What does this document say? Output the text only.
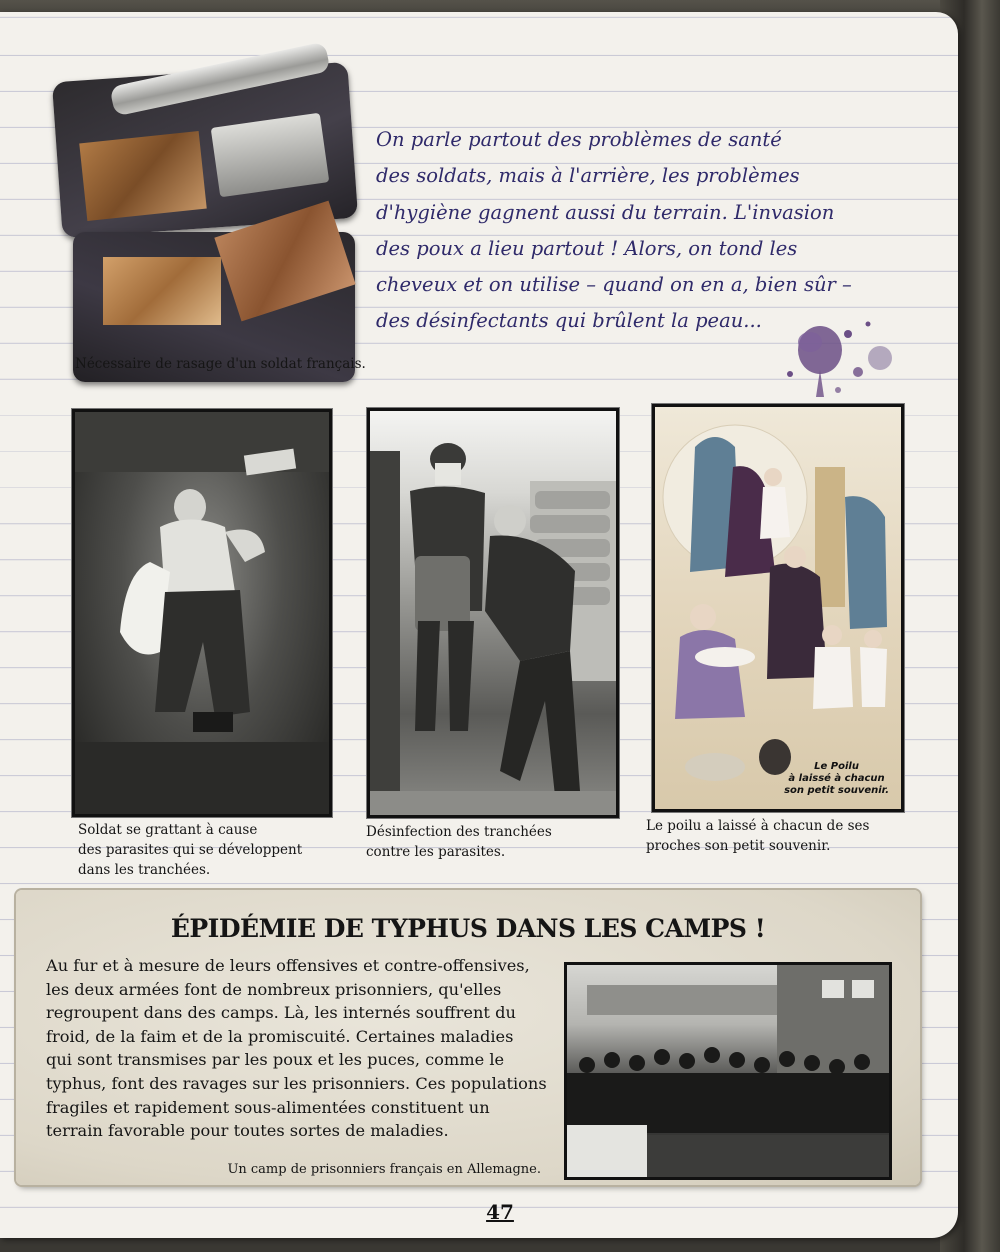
On parle partout des problèmes de santé
des soldats, mais à l'arrière, les problèmes
d'hygiène gagnent aussi du terrain. L'invasion
des poux a lieu partout ! Alors, on tond les
cheveux et on utilise – quand on en a, bien sûr –
des désinfectants qui brûlent la peau...
Nécessaire de rasage d'un soldat français.
Soldat se grattant à cause
des parasites qui se développent
dans les tranchées.
Désinfection des tranchées
contre les parasites.
Le Poilu
à laissé à chacun
son petit souvenir.
Le poilu a laissé à chacun de ses
proches son petit souvenir.
ÉPIDÉMIE DE TYPHUS DANS LES CAMPS !
Au fur et à mesure de leurs offensives et contre-offensives,
les deux armées font de nombreux prisonniers, qu'elles
regroupent dans des camps. Là, les internés souffrent du
froid, de la faim et de la promiscuité. Certaines maladies
qui sont transmises par les poux et les puces, comme le
typhus, font des ravages sur les prisonniers. Ces populations
fragiles et rapidement sous-alimentées constituent un
terrain favorable pour toutes sortes de maladies.
Un camp de prisonniers français en Allemagne.
47
